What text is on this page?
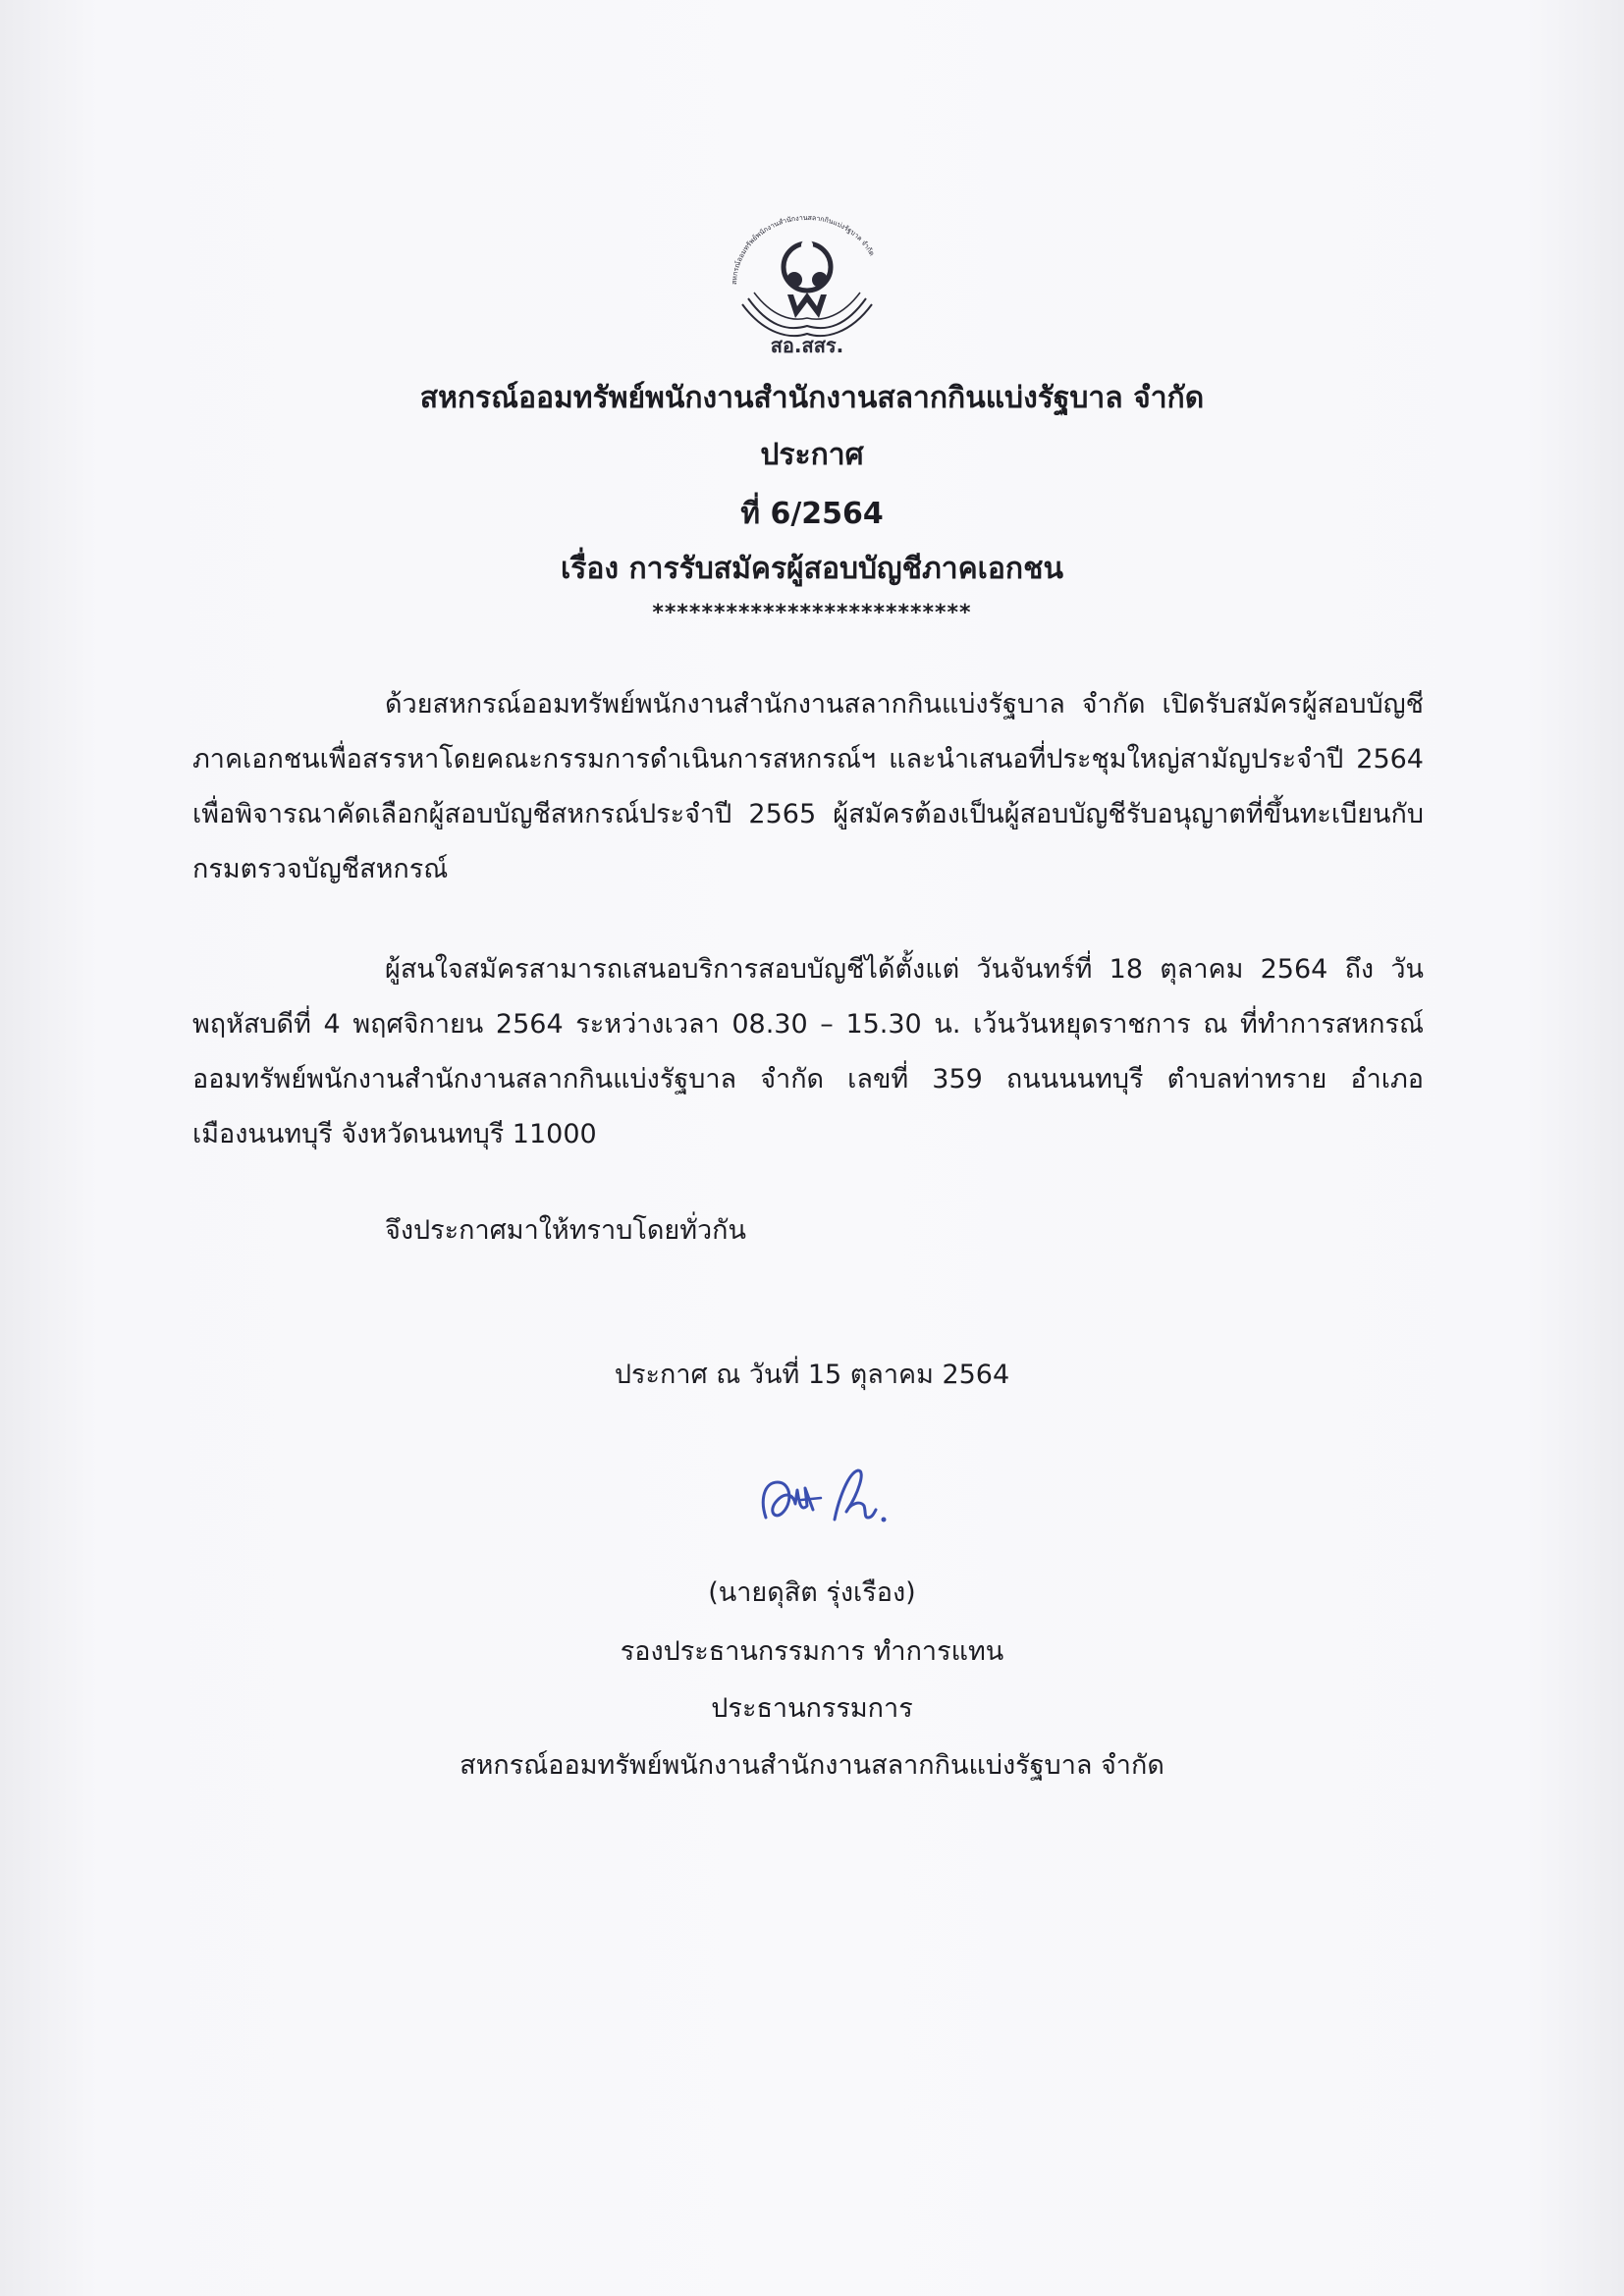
สหกรณ์ออมทรัพย์พนักงานสำนักงานสลากกินแบ่งรัฐบาล จำกัด
สอ.สสร.
สหกรณ์ออมทรัพย์พนักงานสำนักงานสลากกินแบ่งรัฐบาล จำกัด
ประกาศ
ที่ 6/2564
เรื่อง การรับสมัครผู้สอบบัญชีภาคเอกชน
**************************

ด้วยสหกรณ์ออมทรัพย์พนักงานสำนักงานสลากกินแบ่งรัฐบาล จำกัด เปิดรับสมัครผู้สอบบัญชีภาคเอกชนเพื่อสรรหาโดยคณะกรรมการดำเนินการสหกรณ์ฯ และนำเสนอที่ประชุมใหญ่สามัญประจำปี 2564 เพื่อพิจารณาคัดเลือกผู้สอบบัญชีสหกรณ์ประจำปี 2565 ผู้สมัครต้องเป็นผู้สอบบัญชีรับอนุญาตที่ขึ้นทะเบียนกับกรมตรวจบัญชีสหกรณ์

ผู้สนใจสมัครสามารถเสนอบริการสอบบัญชีได้ตั้งแต่ วันจันทร์ที่ 18 ตุลาคม 2564 ถึง วันพฤหัสบดีที่ 4 พฤศจิกายน 2564 ระหว่างเวลา 08.30 – 15.30 น. เว้นวันหยุดราชการ ณ ที่ทำการสหกรณ์ออมทรัพย์พนักงานสำนักงานสลากกินแบ่งรัฐบาล จำกัด เลขที่ 359 ถนนนนทบุรี ตำบลท่าทราย อำเภอเมืองนนทบุรี จังหวัดนนทบุรี 11000

จึงประกาศมาให้ทราบโดยทั่วกัน

ประกาศ ณ วันที่ 15 ตุลาคม 2564
(นายดุสิต รุ่งเรือง)
รองประธานกรรมการ ทำการแทน
ประธานกรรมการ
สหกรณ์ออมทรัพย์พนักงานสำนักงานสลากกินแบ่งรัฐบาล จำกัด
